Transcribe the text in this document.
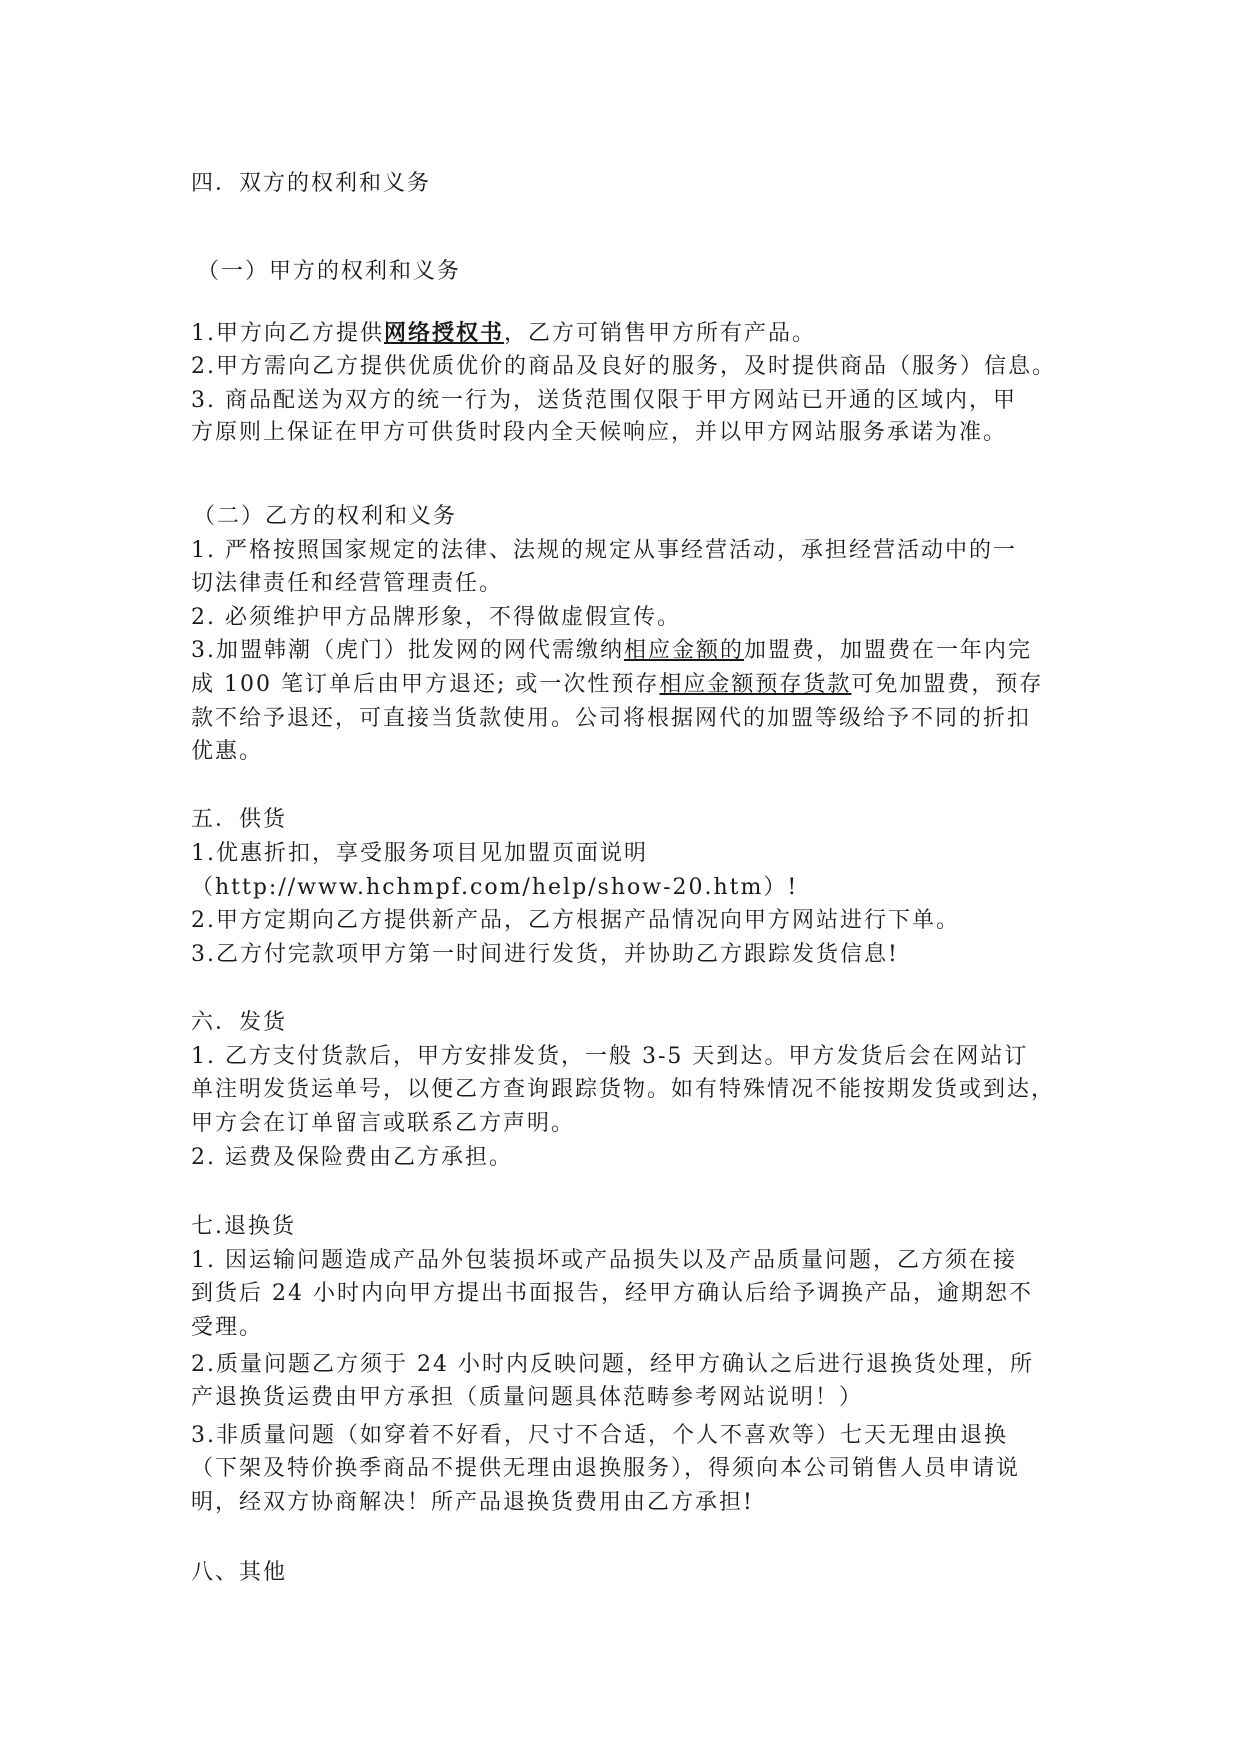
四．双方的权利和义务
（一）甲方的权利和义务
1.甲方向乙方提供网络授权书，乙方可销售甲方所有产品。
2.甲方需向乙方提供优质优价的商品及良好的服务，及时提供商品（服务）信息。
3. 商品配送为双方的统一行为，送货范围仅限于甲方网站已开通的区域内，甲
方原则上保证在甲方可供货时段内全天候响应，并以甲方网站服务承诺为准。
（二）乙方的权利和义务
1. 严格按照国家规定的法律、法规的规定从事经营活动，承担经营活动中的一
切法律责任和经营管理责任。
2. 必须维护甲方品牌形象，不得做虚假宣传。
3.加盟韩潮（虎门）批发网的网代需缴纳相应金额的加盟费，加盟费在一年内完
成 100 笔订单后由甲方退还; 或一次性预存相应金额预存货款可免加盟费，预存
款不给予退还，可直接当货款使用。公司将根据网代的加盟等级给予不同的折扣
优惠。
五．供货
1.优惠折扣，享受服务项目见加盟页面说明
（http://www.hchmpf.com/help/show-20.htm）!
2.甲方定期向乙方提供新产品，乙方根据产品情况向甲方网站进行下单。
3.乙方付完款项甲方第一时间进行发货，并协助乙方跟踪发货信息!
六．发货
1. 乙方支付货款后，甲方安排发货，一般 3-5 天到达。甲方发货后会在网站订
单注明发货运单号，以便乙方查询跟踪货物。如有特殊情况不能按期发货或到达，
甲方会在订单留言或联系乙方声明。
2. 运费及保险费由乙方承担。
七.退换货
1. 因运输问题造成产品外包装损坏或产品损失以及产品质量问题，乙方须在接
到货后 24 小时内向甲方提出书面报告，经甲方确认后给予调换产品，逾期恕不
受理。
2.质量问题乙方须于 24 小时内反映问题，经甲方确认之后进行退换货处理，所
产退换货运费由甲方承担（质量问题具体范畴参考网站说明！）
3.非质量问题（如穿着不好看，尺寸不合适，个人不喜欢等）七天无理由退换
（下架及特价换季商品不提供无理由退换服务），得须向本公司销售人员申请说
明，经双方协商解决！所产品退换货费用由乙方承担!
八、其他
